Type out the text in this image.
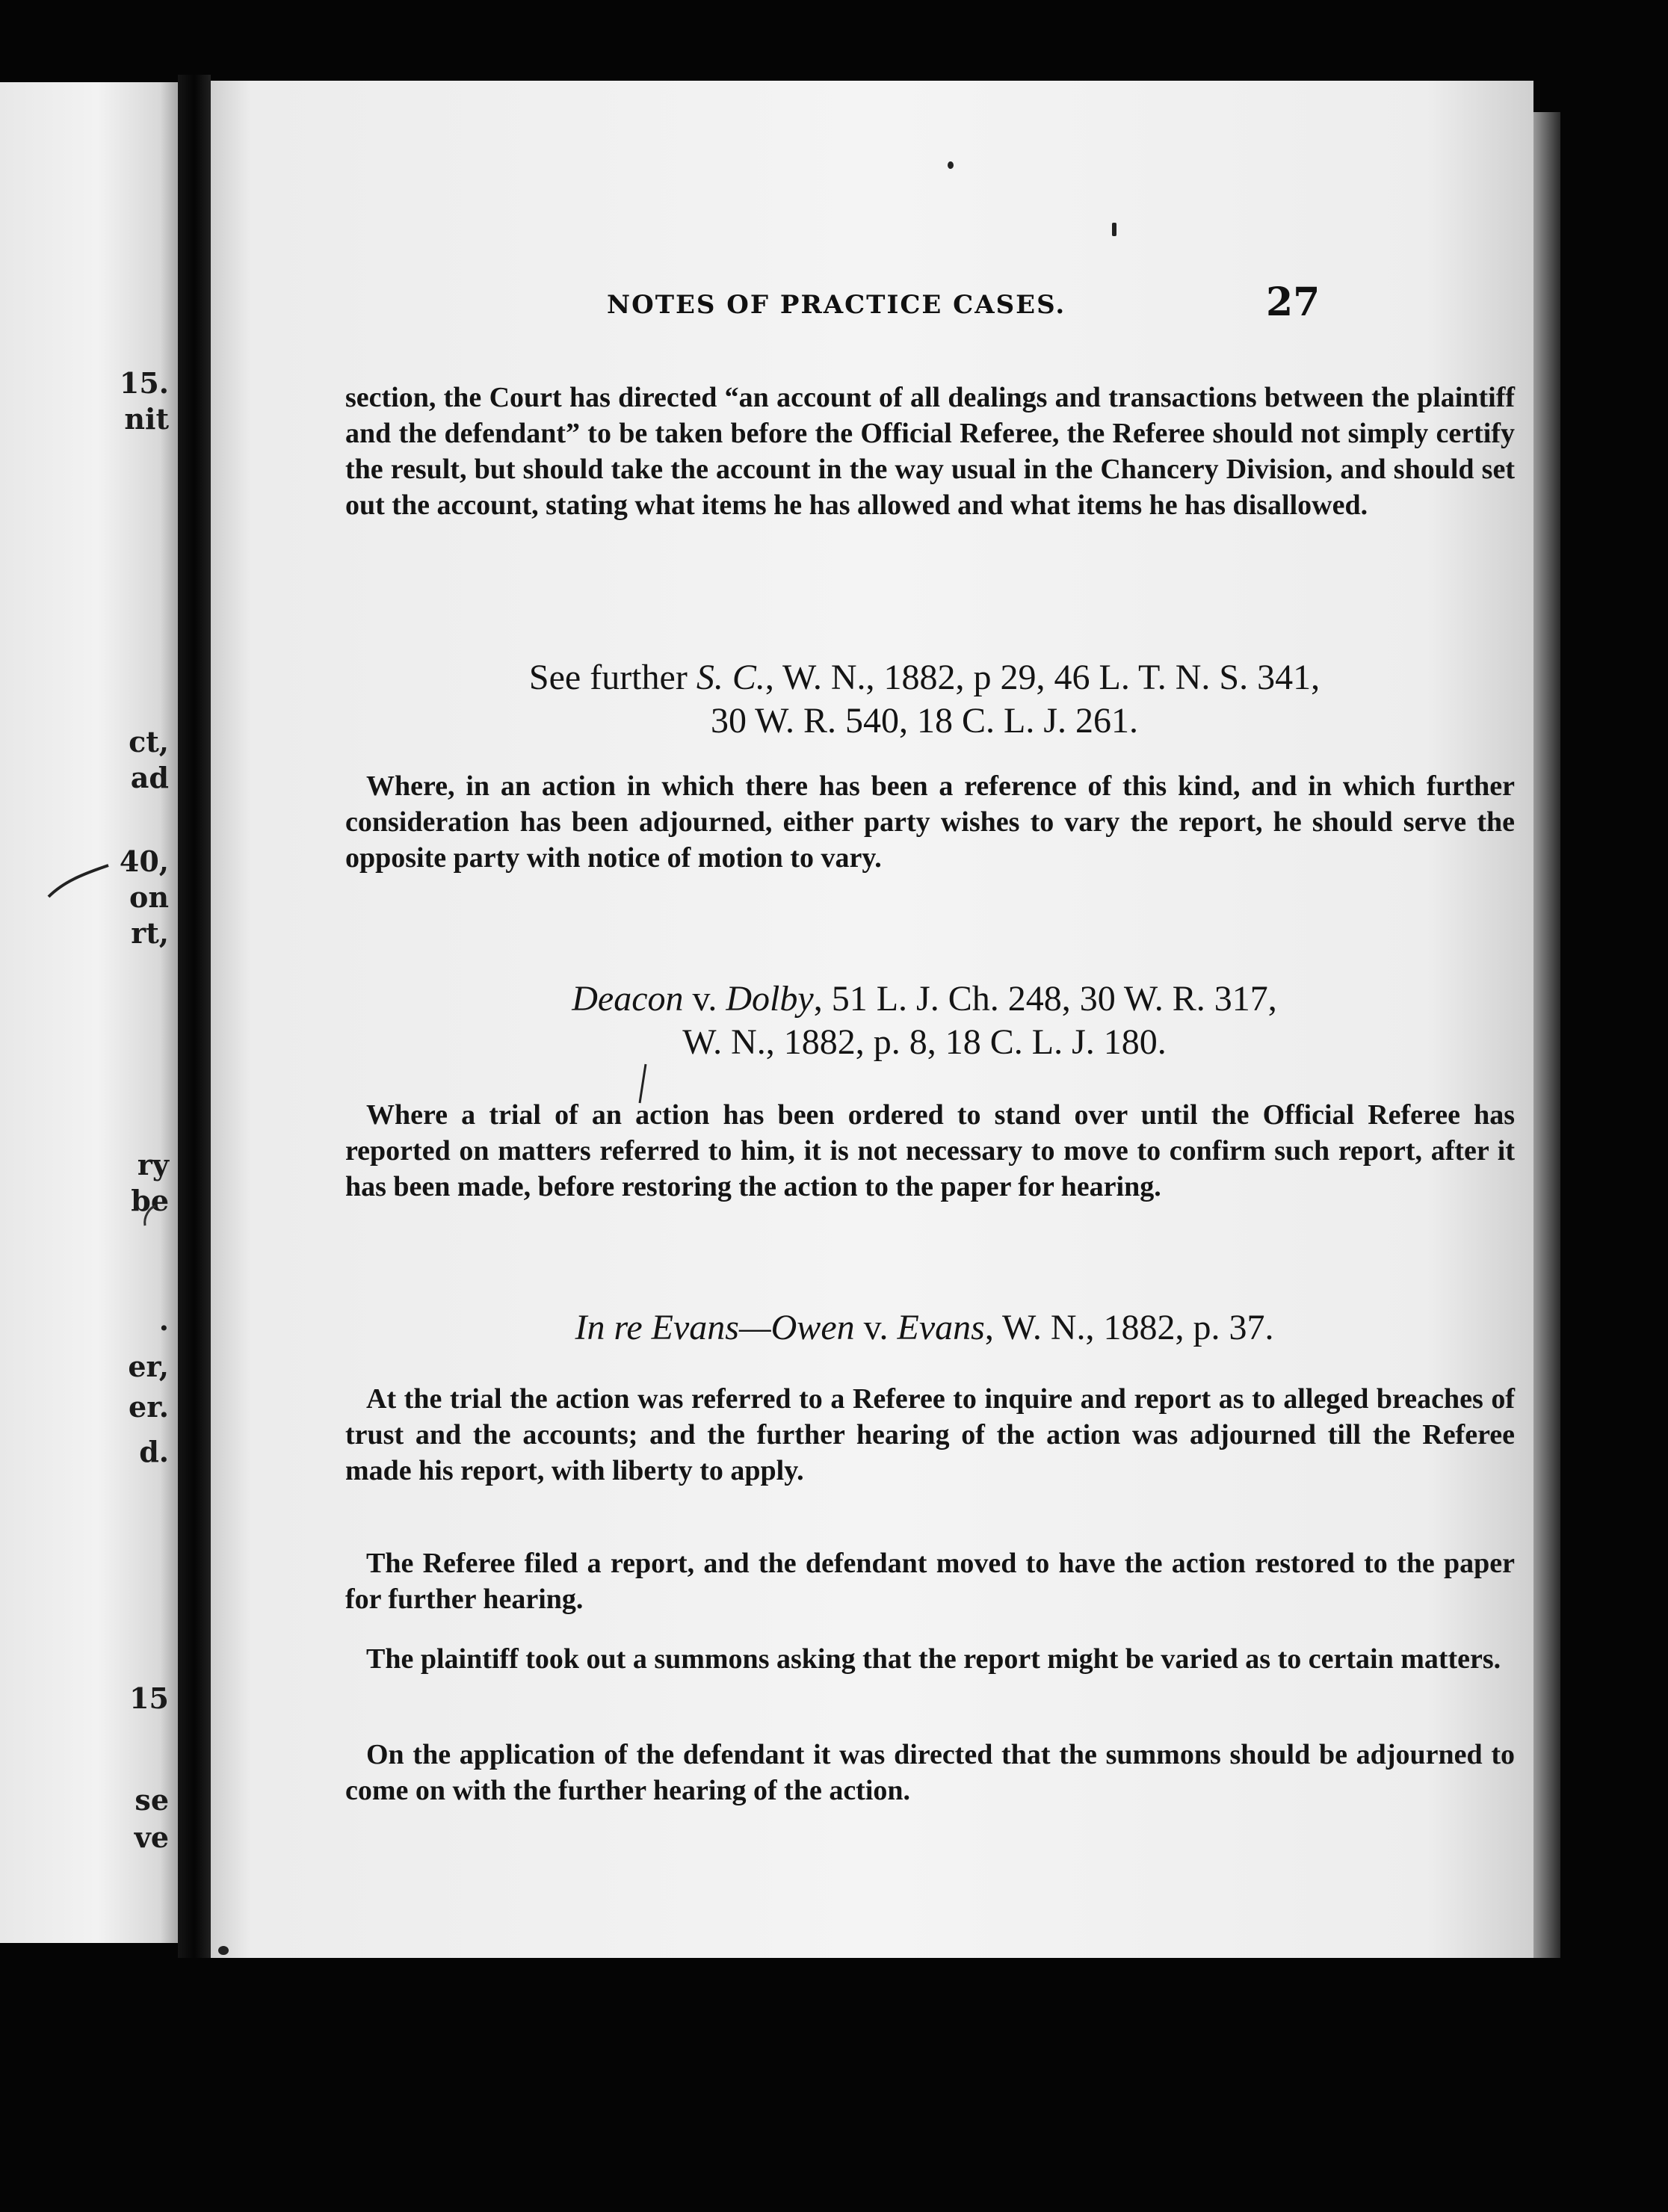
15.
nit
ct,
ad
40,
on
rt,
ry
be
.
er,
er.
d.
15
se
ve
NOTES OF PRACTICE CASES.	27

section, the Court has directed “an account of all dealings and transactions between the plaintiff and the defendant” to be taken before the Official Referee, the Referee should not simply certify the result, but should take the account in the way usual in the Chancery Division, and should set out the account, stating what items he has allowed and what items he has disallowed.

See further S. C., W. N., 1882, p 29, 46 L. T. N. S. 341,
30 W. R. 540, 18 C. L. J. 261.

Where, in an action in which there has been a reference of this kind, and in which further consideration has been adjourned, either party wishes to vary the report, he should serve the opposite party with notice of motion to vary.

Deacon v. Dolby, 51 L. J. Ch. 248, 30 W. R. 317,
W. N., 1882, p. 8, 18 C. L. J. 180.

Where a trial of an action has been ordered to stand over until the Official Referee has reported on matters referred to him, it is not necessary to move to confirm such report, after it has been made, before restoring the action to the paper for hearing.

In re Evans—Owen v. Evans, W. N., 1882, p. 37.

At the trial the action was referred to a Referee to inquire and report as to alleged breaches of trust and the accounts; and the further hearing of the action was adjourned till the Referee made his report, with liberty to apply.

The Referee filed a report, and the defendant moved to have the action restored to the paper for further hearing.

The plaintiff took out a summons asking that the report might be varied as to certain matters.

On the application of the defendant it was directed that the summons should be adjourned to come on with the further hearing of the action.
